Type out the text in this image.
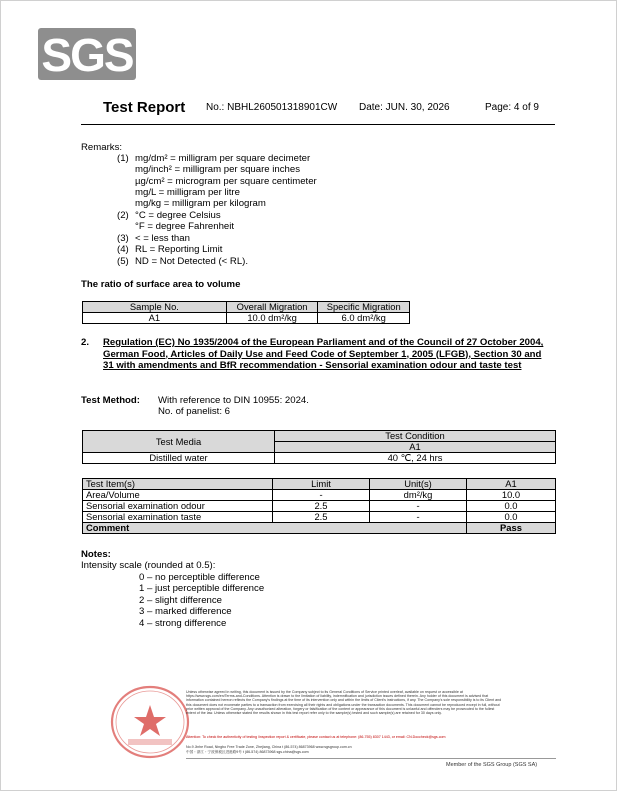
SGS
Test Report No.: NBHL260501318901CW Date: JUN. 30, 2026	Page: 4 of 9
Remarks:
(1) mg/dm² = milligram per square decimeter
mg/inch² = milligram per square inches
µg/cm² = microgram per square centimeter
mg/L = milligram per litre
mg/kg = milligram per kilogram
(2) °C = degree Celsius
°F = degree Fahrenheit
(3) < = less than
(4) RL = Reporting Limit
(5) ND = Not Detected (< RL).
The ratio of surface area to volume
Sample No.	Overall Migration	Specific Migration
A1	10.0 dm²/kg	6.0 dm²/kg
2. Regulation (EC) No 1935/2004 of the European Parliament and of the Council of 27 October 2004, German Food, Articles of Daily Use and Feed Code of September 1, 2005 (LFGB), Section 30 and 31 with amendments and BfR recommendation - Sensorial examination odour and taste test
Test Method: With reference to DIN 10955: 2024.
No. of panelist: 6
Test Media	Test Condition
	A1
Distilled water	40 ℃, 24 hrs
Test Item(s)	Limit	Unit(s)	A1
Area/Volume	-	dm²/kg	10.0
Sensorial examination odour	2.5	-	0.0
Sensorial examination taste	2.5	-	0.0
Comment			Pass
Notes:
Intensity scale (rounded at 0.5):
0 – no perceptible difference
1 – just perceptible difference
2 – slight difference
3 – marked difference
4 – strong difference
Unless otherwise agreed in writing, this document is issued by the Company subject to its General Conditions of Service printed overleaf, available on request or accessible at https://www.sgs.com/en/Terms-and-Conditions. Attention is drawn to the limitation of liability, indemnification and jurisdiction issues defined therein. Any holder of this document is advised that information contained hereon reflects the Company's findings at the time of its intervention only and within the limits of Client's instructions, if any. The Company's sole responsibility is to its Client and this document does not exonerate parties to a transaction from exercising all their rights and obligations under the transaction documents. This document cannot be reproduced except in full, without prior written approval of the Company. Any unauthorized alteration, forgery or falsification of the content or appearance of this document is unlawful and offenders may be prosecuted to the fullest extent of the law. Unless otherwise stated the results shown in this test report refer only to the sample(s) tested and such sample(s) are retained for 30 days only.
Attention: To check the authenticity of testing /inspection report & certificate, please contact us at telephone: (86-755) 8307 1443, or email: CN.Doccheck@sgs.com
No.9 Jinhe Road, Ningbo Free Trade Zone, Zhejiang, China t (86-574) 86873968 www.sgsgroup.com.cn
中国・浙江・宁波保税区进港路9号 t (86-574) 86873968 sgs.china@sgs.com
Member of the SGS Group (SGS SA)
